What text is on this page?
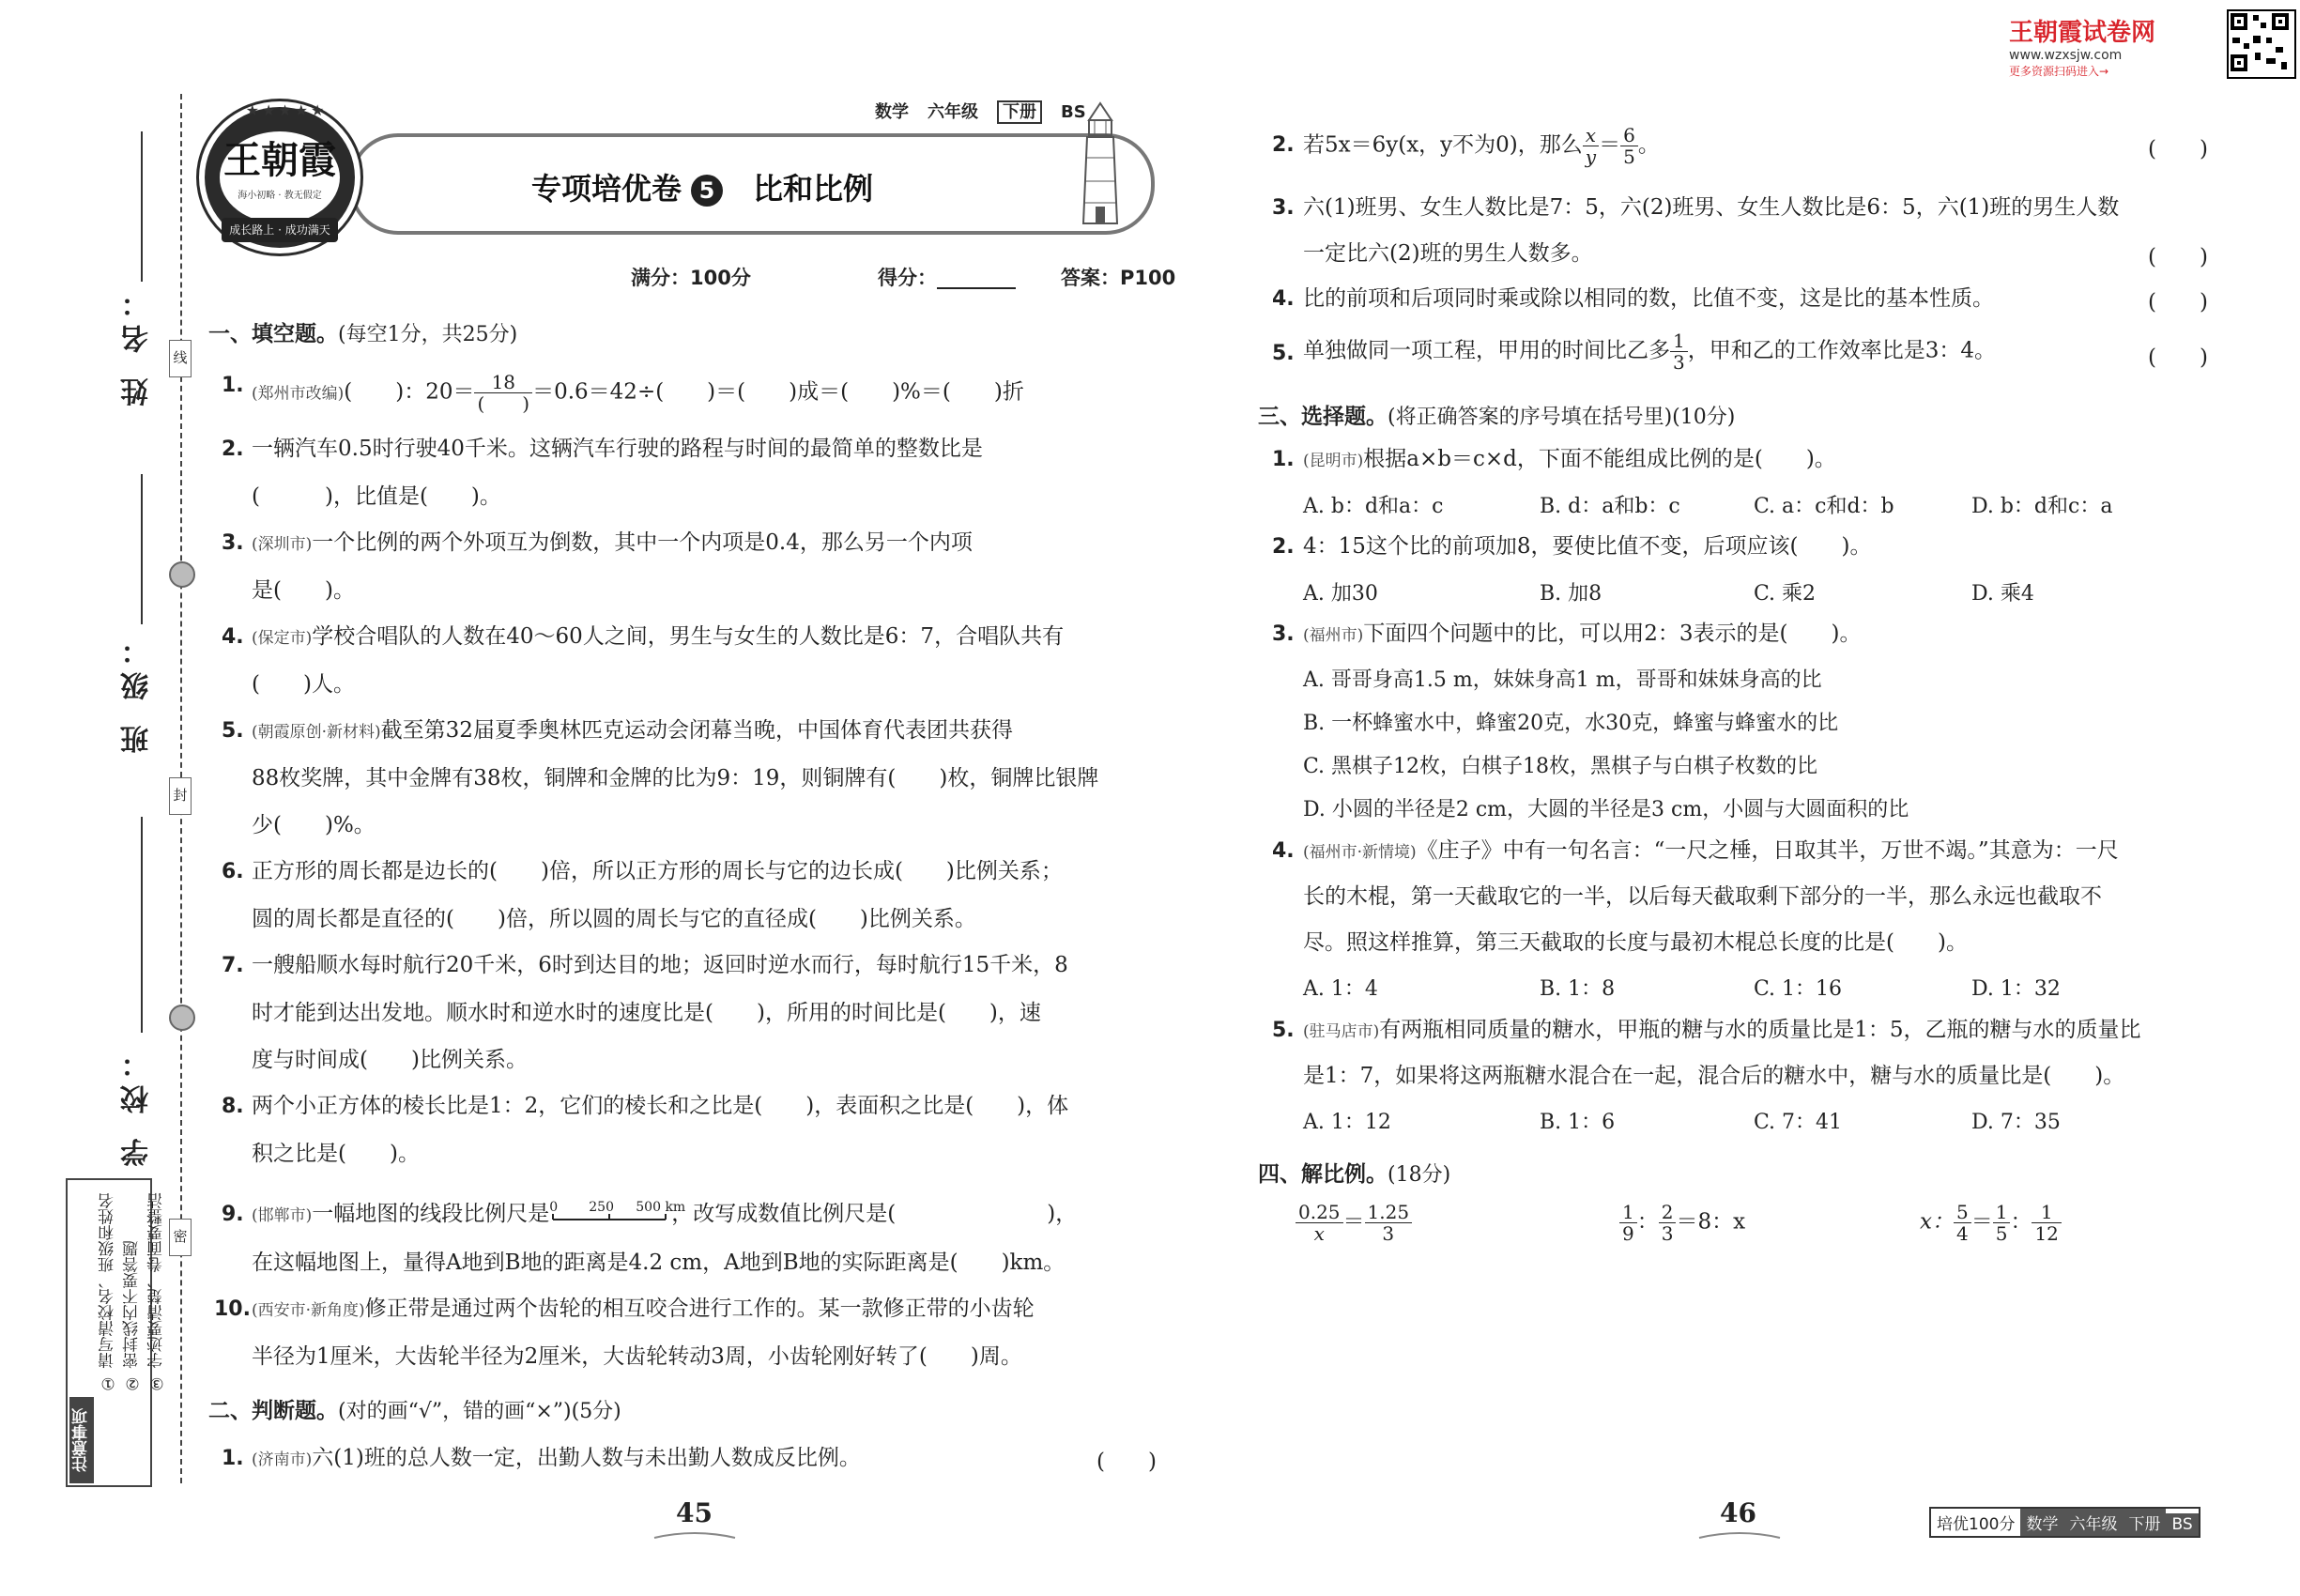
王朝霞试卷网
www.wzxsjw.com
更多资源扫码进入→
姓 名：
班 级：
学 校：
线
封
密
① 请写清校名、班级和姓名 ② 密封线内不要答题 ③ 字迹要清楚、卷面要整洁
注意事项
专项培优卷 5 比和比例
★★★★★
王朝霞
海小初略 · 教无假定
成长路上 · 成功满天
数学 六年级 下册 BS
满分：100分	得分：________ 答案：P100
一、填空题。(每空1分，共25分)
1. (郑州市改编)(　　)：$20= \frac{18}{( )} =0.6=42\div$(　　)＝(　　)成＝(　　)%＝(　　)折
2. 一辆汽车0.5时行驶40千米。这辆汽车行驶的路程与时间的最简单的整数比是
(　　　)，比值是(　　)。
3. (深圳市)一个比例的两个外项互为倒数，其中一个内项是0.4，那么另一个内项
是(　　)。
4. (保定市)学校合唱队的人数在40～60人之间，男生与女生的人数比是6：7，合唱队共有
(　　)人。
5. (朝霞原创·新材料)截至第32届夏季奥林匹克运动会闭幕当晚，中国体育代表团共获得
88枚奖牌，其中金牌有38枚，铜牌和金牌的比为9：19，则铜牌有(　　)枚，铜牌比银牌
少(　　)%。
6. 正方形的周长都是边长的(　　)倍，所以正方形的周长与它的边长成(　　)比例关系；
圆的周长都是直径的(　　)倍，所以圆的周长与它的直径成(　　)比例关系。
7. 一艘船顺水每时航行20千米，6时到达目的地；返回时逆水而行，每时航行15千米，8
时才能到达出发地。顺水时和逆水时的速度比是(　　)，所用的时间比是(　　)，速
度与时间成(　　)比例关系。
8. 两个小正方体的棱长比是1：2，它们的棱长和之比是(　　)，表面积之比是(　　)，体
积之比是(　　)。
9. (邯郸市)一幅地图的线段比例尺是 0 250 500 km
，改写成数值比例尺是(　　　　　　　)，
在这幅地图上，量得A地到B地的距离是4.2 cm，A地到B地的实际距离是(　　)km。
10. (西安市·新角度)修正带是通过两个齿轮的相互咬合进行工作的。某一款修正带的小齿轮
半径为1厘米，大齿轮半径为2厘米，大齿轮转动3周，小齿轮刚好转了(　　)周。
二、判断题。(对的画“√”，错的画“×”)(5分)
1. (济南市)六(1)班的总人数一定，出勤人数与未出勤人数成反比例。	(　　)
45
2. 若5x＝6y(x，y不为0)，那么 $\frac{x}{y} = \frac{6}{5}$ 。	(　　)
3. 六(1)班男、女生人数比是7：5，六(2)班男、女生人数比是6：5，六(1)班的男生人数
一定比六(2)班的男生人数多。	(　　)
4. 比的前项和后项同时乘或除以相同的数，比值不变，这是比的基本性质。	(　　)
5. 单独做同一项工程，甲用的时间比乙多 $\frac{1}{3}$ ，甲和乙的工作效率比是3：4。	(　　)
三、选择题。(将正确答案的序号填在括号里)(10分)
1. (昆明市)根据a×b＝c×d，下面不能组成比例的是(　　)。
A. b：d和a：c	B. d：a和b：c	C. a：c和d：b	D. b：d和c：a
2. 4：15这个比的前项加8，要使比值不变，后项应该(　　)。
A. 加30	B. 加8	C. 乘2	D. 乘4
3. (福州市)下面四个问题中的比，可以用2：3表示的是(　　)。
A. 哥哥身高1.5 m，妹妹身高1 m，哥哥和妹妹身高的比
B. 一杯蜂蜜水中，蜂蜜20克，水30克，蜂蜜与蜂蜜水的比
C. 黑棋子12枚，白棋子18枚，黑棋子与白棋子枚数的比
D. 小圆的半径是2 cm，大圆的半径是3 cm，小圆与大圆面积的比
4. (福州市·新情境)《庄子》中有一句名言：“一尺之棰，日取其半，万世不竭。”其意为：一尺
长的木棍，第一天截取它的一半，以后每天截取剩下部分的一半，那么永远也截取不
尽。照这样推算，第三天截取的长度与最初木棍总长度的比是(　　)。
A. 1：4	B. 1：8	C. 1：16	D. 1：32
5. (驻马店市)有两瓶相同质量的糖水，甲瓶的糖与水的质量比是1：5，乙瓶的糖与水的质量比
是1：7，如果将这两瓶糖水混合在一起，混合后的糖水中，糖与水的质量比是(　　)。
A. 1：12	B. 1：6	C. 7：41	D. 7：35
四、解比例。(18分)
$\frac{0.25}{x} = \frac{1.25}{3}$	$\frac{1}{9}$ ： $\frac{2}{3} =8$：x	x： $\frac{5}{4} = \frac{1}{5}$ ： $\frac{1}{12}$
46	培优100分 数学 六年级 下册 BS
